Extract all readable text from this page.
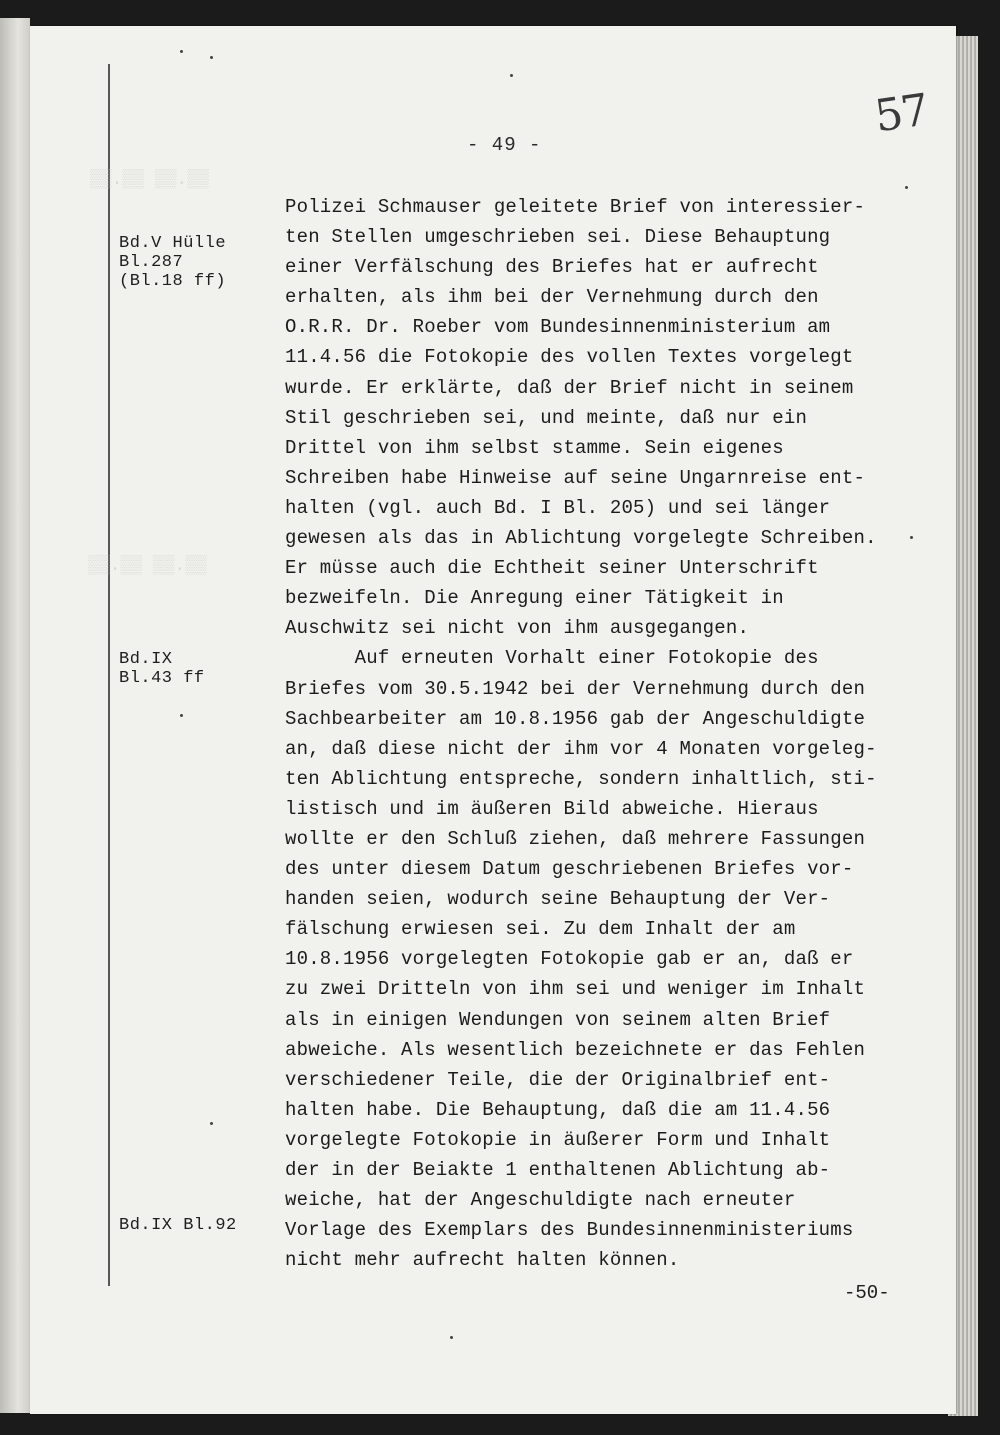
▒▒.▒▒ ▒▒.▒▒
▒▒.▒▒ ▒▒.▒▒
- 49 -
57
Bd.V Hülle
Bl.287
(Bl.18 ff)
Bd.IX
Bl.43 ff
Bd.IX Bl.92
Polizei Schmauser geleitete Brief von interessier-
ten Stellen umgeschrieben sei. Diese Behauptung
einer Verfälschung des Briefes hat er aufrecht
erhalten, als ihm bei der Vernehmung durch den
O.R.R. Dr. Roeber vom Bundesinnenministerium am
11.4.56 die Fotokopie des vollen Textes vorgelegt
wurde. Er erklärte, daß der Brief nicht in seinem
Stil geschrieben sei, und meinte, daß nur ein
Drittel von ihm selbst stamme. Sein eigenes
Schreiben habe Hinweise auf seine Ungarnreise ent-
halten (vgl. auch Bd. I Bl. 205) und sei länger
gewesen als das in Ablichtung vorgelegte Schreiben.
Er müsse auch die Echtheit seiner Unterschrift
bezweifeln. Die Anregung einer Tätigkeit in
Auschwitz sei nicht von ihm ausgegangen.
Auf erneuten Vorhalt einer Fotokopie des
Briefes vom 30.5.1942 bei der Vernehmung durch den
Sachbearbeiter am 10.8.1956 gab der Angeschuldigte
an, daß diese nicht der ihm vor 4 Monaten vorgeleg-
ten Ablichtung entspreche, sondern inhaltlich, sti-
listisch und im äußeren Bild abweiche. Hieraus
wollte er den Schluß ziehen, daß mehrere Fassungen
des unter diesem Datum geschriebenen Briefes vor-
handen seien, wodurch seine Behauptung der Ver-
fälschung erwiesen sei. Zu dem Inhalt der am
10.8.1956 vorgelegten Fotokopie gab er an, daß er
zu zwei Dritteln von ihm sei und weniger im Inhalt
als in einigen Wendungen von seinem alten Brief
abweiche. Als wesentlich bezeichnete er das Fehlen
verschiedener Teile, die der Originalbrief ent-
halten habe. Die Behauptung, daß die am 11.4.56
vorgelegte Fotokopie in äußerer Form und Inhalt
der in der Beiakte 1 enthaltenen Ablichtung ab-
weiche, hat der Angeschuldigte nach erneuter
Vorlage des Exemplars des Bundesinnenministeriums
nicht mehr aufrecht halten können.
-50-
